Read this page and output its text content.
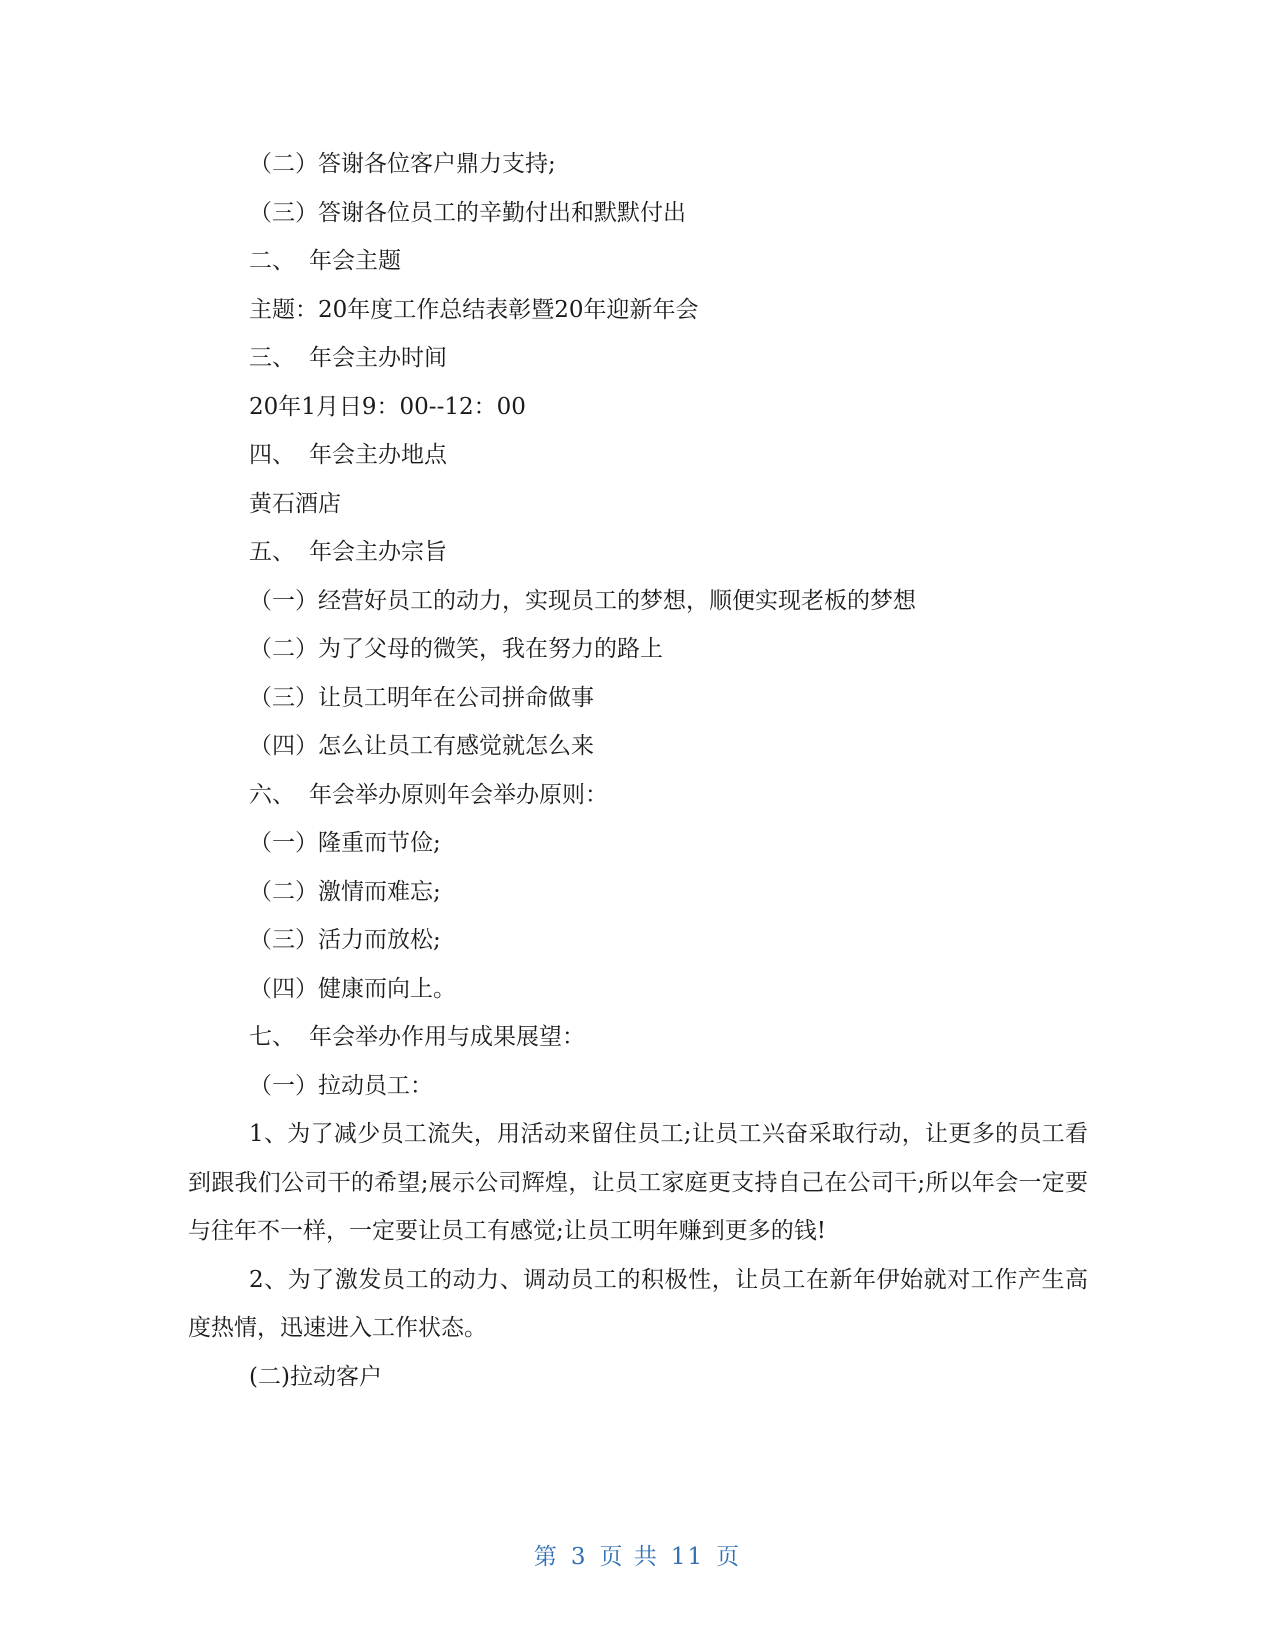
（二）答谢各位客户鼎力支持;
（三）答谢各位员工的辛勤付出和默默付出
二、 年会主题
主题：20年度工作总结表彰暨20年迎新年会
三、 年会主办时间
20年1月日9：00--12：00
四、 年会主办地点
黄石酒店
五、 年会主办宗旨
（一）经营好员工的动力，实现员工的梦想，顺便实现老板的梦想
（二）为了父母的微笑，我在努力的路上
（三）让员工明年在公司拼命做事
（四）怎么让员工有感觉就怎么来
六、 年会举办原则年会举办原则：
（一）隆重而节俭;
（二）激情而难忘;
（三）活力而放松;
（四）健康而向上。
七、 年会举办作用与成果展望：
（一）拉动员工：
1、为了减少员工流失，用活动来留住员工;让员工兴奋采取行动，让更多的员工看到跟我们公司干的希望;展示公司辉煌，让员工家庭更支持自己在公司干;所以年会一定要与往年不一样，一定要让员工有感觉;让员工明年赚到更多的钱!
2、为了激发员工的动力、调动员工的积极性，让员工在新年伊始就对工作产生高度热情，迅速进入工作状态。
(二)拉动客户
第 3 页 共 11 页
